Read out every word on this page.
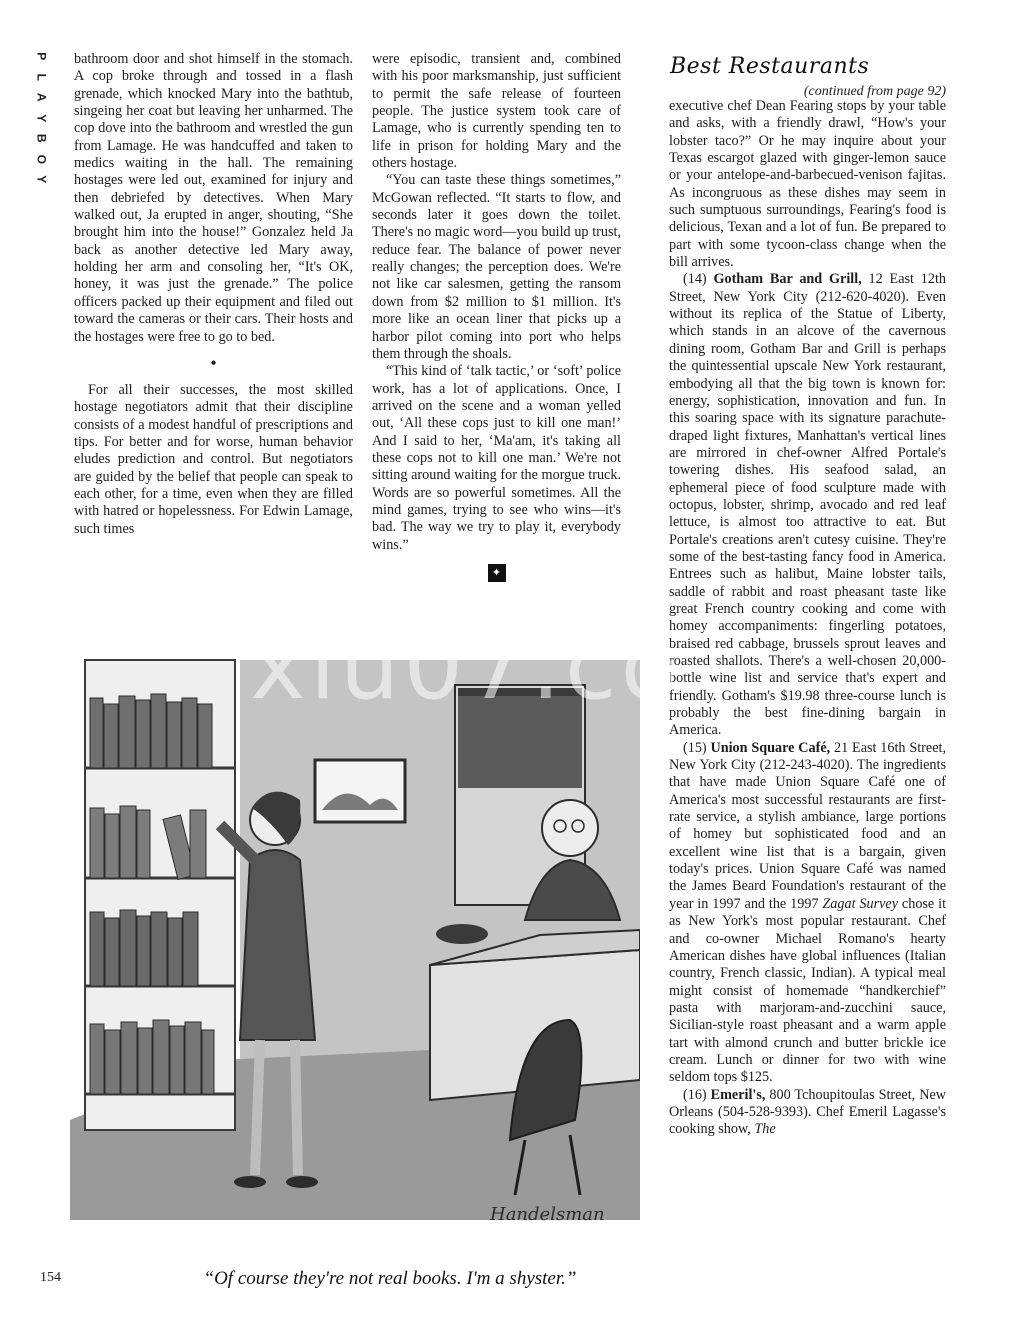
P
L
A
Y
B
O
Y

bathroom door and shot himself in the stomach. A cop broke through and tossed in a flash grenade, which knocked Mary into the bathtub, singeing her coat but leaving her unharmed. The cop dove into the bathroom and wrestled the gun from Lamage. He was handcuffed and taken to medics waiting in the hall. The remaining hostages were led out, examined for injury and then debriefed by detectives. When Mary walked out, Ja erupted in anger, shouting, “She brought him into the house!” Gonzalez held Ja back as another detective led Mary away, holding her arm and consoling her, “It's OK, honey, it was just the grenade.” The police officers packed up their equipment and filed out toward the cameras or their cars. Their hosts and the hostages were free to go to bed.

•

For all their successes, the most skilled hostage negotiators admit that their discipline consists of a modest handful of prescriptions and tips. For better and for worse, human behavior eludes prediction and control. But negotiators are guided by the belief that people can speak to each other, for a time, even when they are filled with hatred or hopelessness. For Edwin Lamage, such times

were episodic, transient and, combined with his poor marksmanship, just sufficient to permit the safe release of fourteen people. The justice system took care of Lamage, who is currently spending ten to life in prison for holding Mary and the others hostage.

“You can taste these things sometimes,” McGowan reflected. “It starts to flow, and seconds later it goes down the toilet. There's no magic word—you build up trust, reduce fear. The balance of power never really changes; the perception does. We're not like car salesmen, getting the ransom down from $2 million to $1 million. It's more like an ocean liner that picks up a harbor pilot coming into port who helps them through the shoals.

“This kind of ‘talk tactic,’ or ‘soft’ police work, has a lot of applications. Once, I arrived on the scene and a woman yelled out, ‘All these cops just to kill one man!’ And I said to her, ‘Ma'am, it's taking all these cops not to kill one man.’ We're not sitting around waiting for the morgue truck. Words are so powerful sometimes. All the mind games, trying to see who wins—it's bad. The way we try to play it, everybody wins.”

✦
Best Restaurants
(continued from page 92)

executive chef Dean Fearing stops by your table and asks, with a friendly drawl, “How's your lobster taco?” Or he may inquire about your Texas escargot glazed with ginger-lemon sauce or your antelope-and-barbecued-venison fajitas. As incongruous as these dishes may seem in such sumptuous surroundings, Fearing's food is delicious, Texan and a lot of fun. Be prepared to part with some tycoon-class change when the bill arrives.

(14) Gotham Bar and Grill, 12 East 12th Street, New York City (212-620-4020). Even without its replica of the Statue of Liberty, which stands in an alcove of the cavernous dining room, Gotham Bar and Grill is perhaps the quintessential upscale New York restaurant, embodying all that the big town is known for: energy, sophistication, innovation and fun. In this soaring space with its signature parachute-draped light fixtures, Manhattan's vertical lines are mirrored in chef-owner Alfred Portale's towering dishes. His seafood salad, an ephemeral piece of food sculpture made with octopus, lobster, shrimp, avocado and red leaf lettuce, is almost too attractive to eat. But Portale's creations aren't cutesy cuisine. They're some of the best-tasting fancy food in America. Entrees such as halibut, Maine lobster tails, saddle of rabbit and roast pheasant taste like great French country cooking and come with homey accompaniments: fingerling potatoes, braised red cabbage, brussels sprout leaves and roasted shallots. There's a well-chosen 20,000-bottle wine list and service that's expert and friendly. Gotham's $19.98 three-course lunch is probably the best fine-dining bargain in America.

(15) Union Square Café, 21 East 16th Street, New York City (212-243-4020). The ingredients that have made Union Square Café one of America's most successful restaurants are first-rate service, a stylish ambiance, large portions of homey but sophisticated food and an excellent wine list that is a bargain, given today's prices. Union Square Café was named the James Beard Foundation's restaurant of the year in 1997 and the 1997 Zagat Survey chose it as New York's most popular restaurant. Chef and co-owner Michael Romano's hearty American dishes have global influences (Italian country, French classic, Indian). A typical meal might consist of homemade “handkerchief” pasta with marjoram-and-zucchini sauce, Sicilian-style roast pheasant and a warm apple tart with almond crunch and butter brickle ice cream. Lunch or dinner for two with wine seldom tops $125.

(16) Emeril's, 800 Tchoupitoulas Street, New Orleans (504-528-9393). Chef Emeril Lagasse's cooking show, The

Handelsman
“Of course they're not real books. I'm a shyster.”
154
xiu07.co
